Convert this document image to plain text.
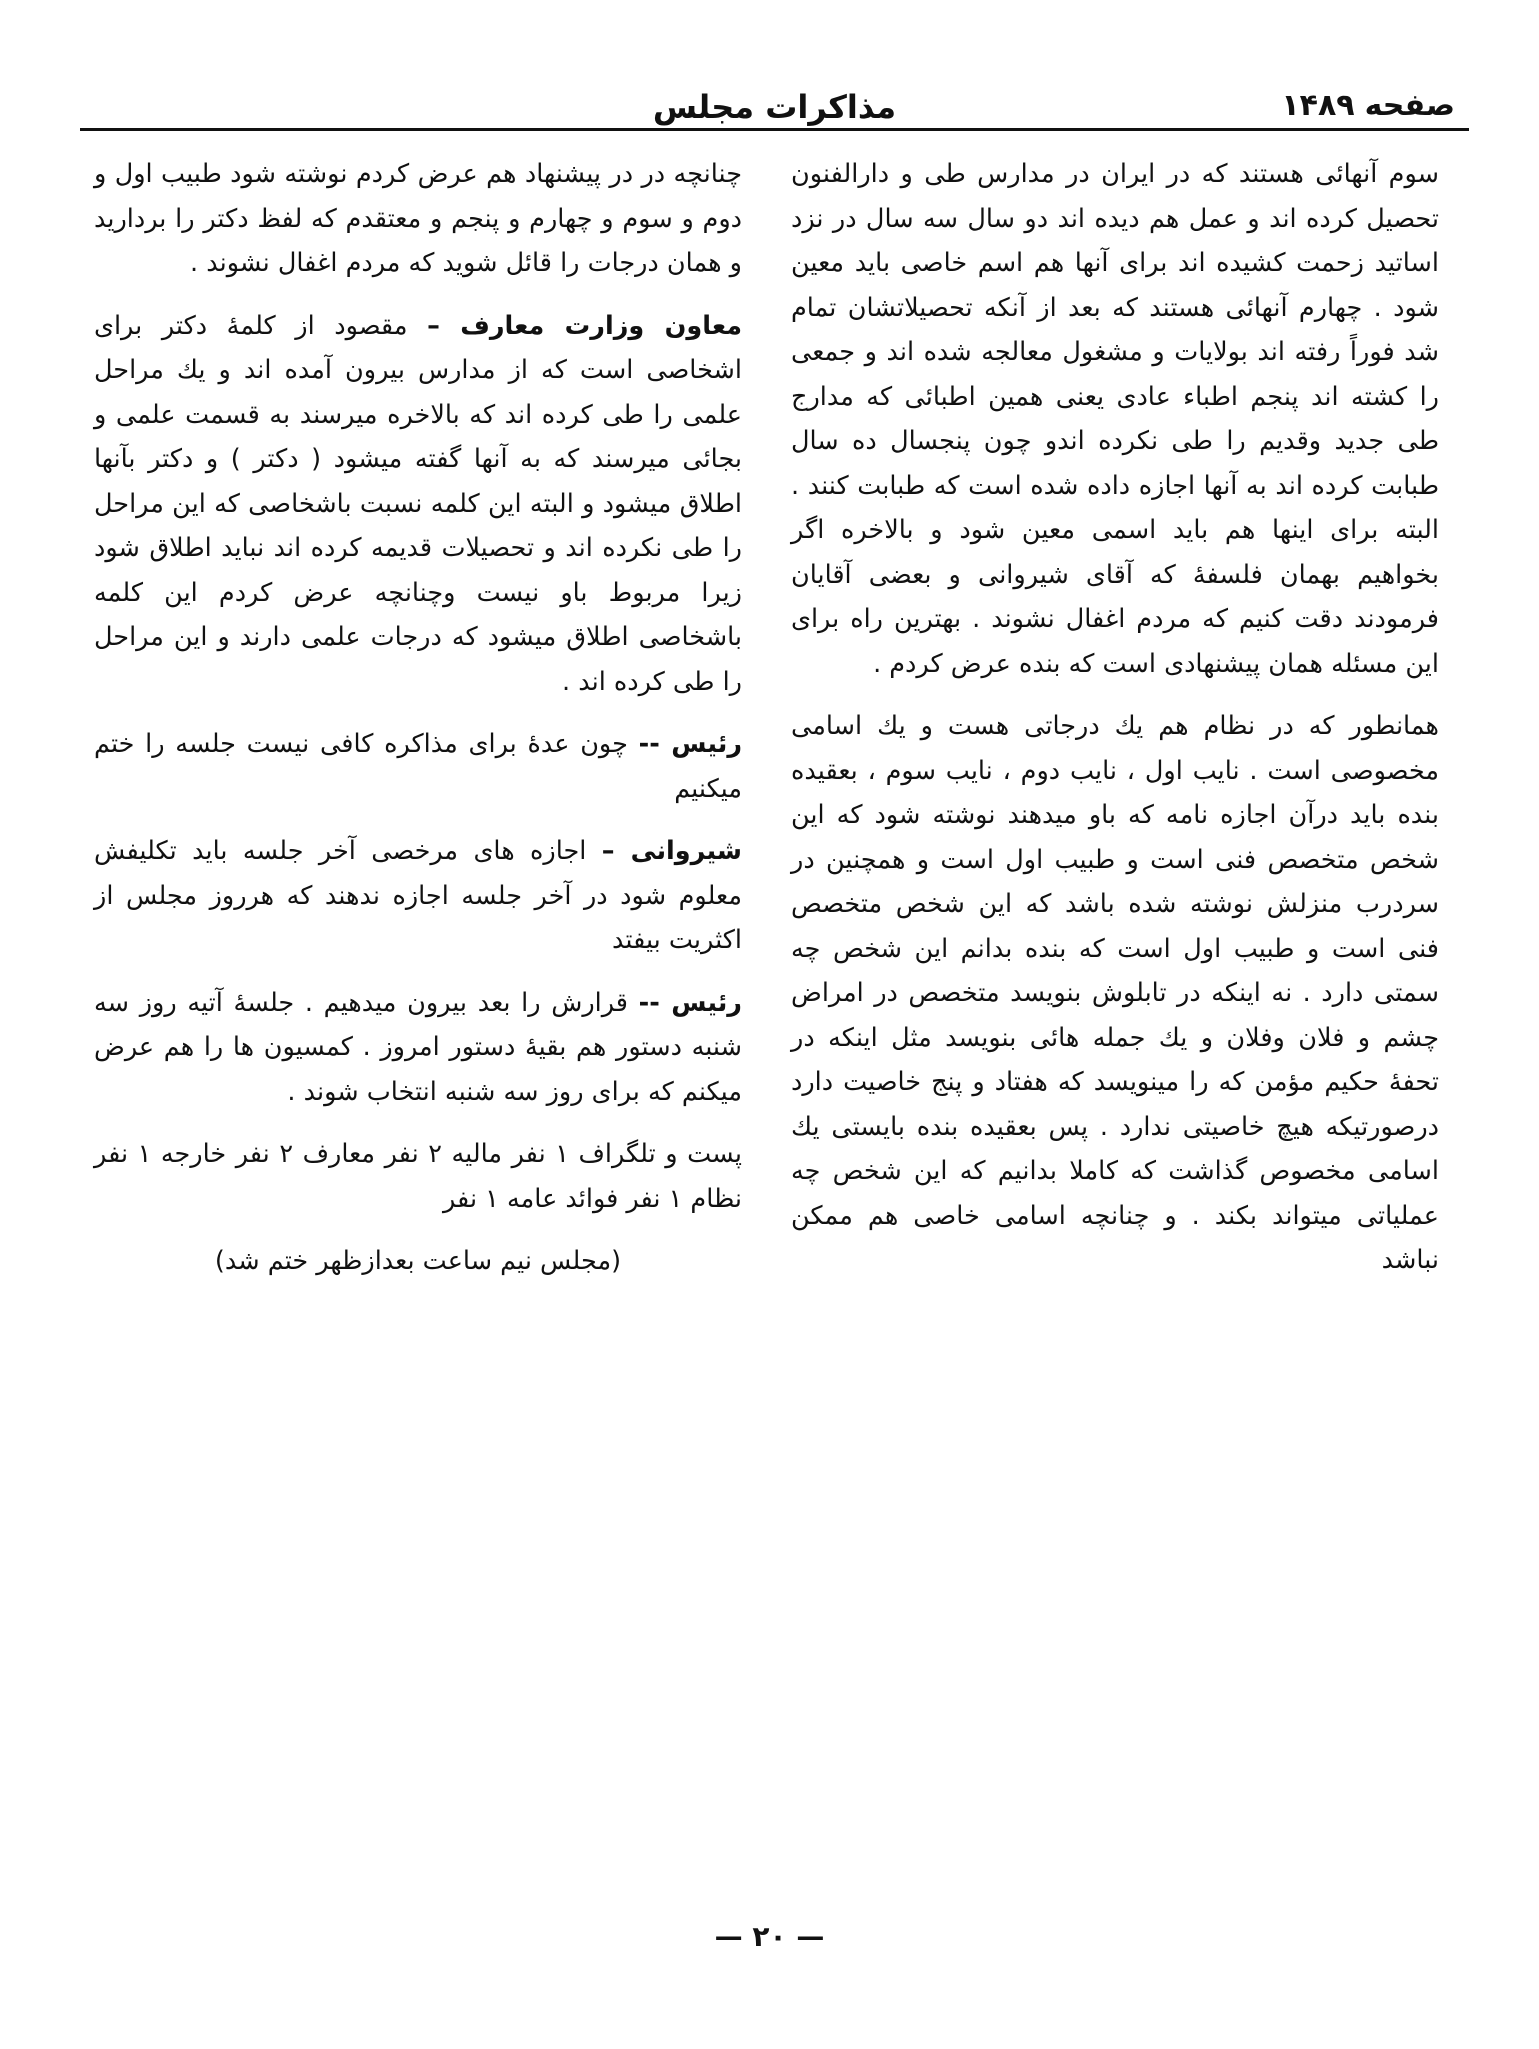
صفحه۱۴۸۹
مذاکرات مجلس

سوم آنهائی هستند که در ایران در مدارس طی و دارالفنون تحصیل کرده اند و عمل هم دیده اند دو سال سه سال در نزد اساتید زحمت کشیده اند برای آنها هم اسم خاصی باید معین شود . چهارم آنهائی هستند که بعد از آنکه تحصیلاتشان تمام شد فوراً رفته اند بولایات و مشغول معالجه شده اند و جمعی را کشته اند پنجم اطباء عادی یعنی همین اطبائی که مدارج طی جدید وقدیم را طی نکرده اندو چون پنجسال ده سال طبابت کرده اند به آنها اجازه داده شده است که طبابت کنند . البته برای اینها هم باید اسمی معین شود و بالاخره اگر بخواهیم بهمان فلسفهٔ که آقای شیروانی و بعضی آقایان فرمودند دقت کنیم که مردم اغفال نشوند . بهترین راه برای این مسئله همان پیشنهادی است که بنده عرض کردم .

همانطور که در نظام هم یك درجاتی هست و یك اسامی مخصوصی است . نایب اول ، نایب دوم ، نایب سوم ، بعقیده بنده باید درآن اجازه نامه که باو میدهند نوشته شود که این شخص متخصص فنی است و طبیب اول است و همچنین در سردرب منزلش نوشته شده باشد که این شخص متخصص فنی است و طبیب اول است که بنده بدانم این شخص چه سمتی دارد . نه اینکه در تابلوش بنویسد متخصص در امراض چشم و فلان وفلان و یك جمله هائی بنویسد مثل اینکه در تحفهٔ حکیم مؤمن که را مینویسد که هفتاد و پنج خاصیت دارد درصورتیکه هیچ خاصیتی ندارد . پس بعقیده بنده بایستی یك اسامی مخصوص گذاشت که کاملا بدانیم که این شخص چه عملیاتی میتواند بکند . و چنانچه اسامی خاصی هم ممکن نباشد

چنانچه در در پیشنهاد هم عرض کردم نوشته شود طبیب اول و دوم و سوم و چهارم و پنجم و معتقدم که لفظ دکتر را بردارید و همان درجات را قائل شوید که مردم اغفال نشوند .

معاون وزارت معارف – مقصود از کلمهٔ دکتر برای اشخاصی است که از مدارس بیرون آمده اند و یك مراحل علمی را طی کرده اند که بالاخره میرسند به قسمت علمی و بجائی میرسند که به آنها گفته میشود ( دکتر ) و دکتر بآنها اطلاق میشود و البته این کلمه نسبت باشخاصی که این مراحل را طی نکرده اند و تحصیلات قدیمه کرده اند نباید اطلاق شود زیرا مربوط باو نیست وچنانچه عرض کردم این کلمه باشخاصی اطلاق میشود که درجات علمی دارند و این مراحل را طی کرده اند .

رئیس -- چون عدهٔ برای مذاکره کافی نیست جلسه را ختم میکنیم

شیروانی – اجازه های مرخصی آخر جلسه باید تکلیفش معلوم شود در آخر جلسه اجازه ندهند که هرروز مجلس از اکثریت بیفتد

رئیس -- قرارش را بعد بیرون میدهیم . جلسهٔ آتیه روز سه شنبه دستور هم بقیهٔ دستور امروز . کمسیون ها را هم عرض میکنم که برای روز سه شنبه انتخاب شوند .

پست و تلگراف ۱ نفر مالیه ۲ نفر معارف ۲ نفر خارجه ۱ نفر نظام ۱ نفر فوائد عامه ۱ نفر

(مجلس نیم ساعت بعدازظهر ختم شد)

— ۲۰ —
